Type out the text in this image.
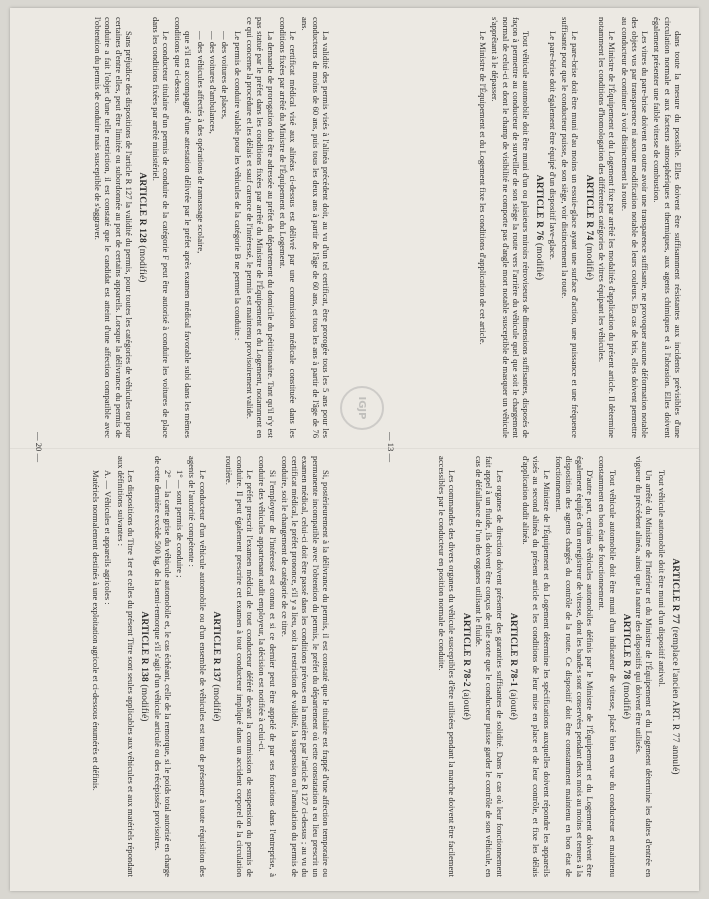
La validité des permis visés à l'alinéa précédent doit, au vu d'un tel certificat, être prorogée tous les 5 ans pour les conducteurs de moins de 60 ans, puis tous les deux ans à partir de l'âge de 60 ans, et tous les ans à partir de l'âge de 76 ans.

Le certificat médical visé aux alinéas ci-dessus est délivré par une commission médicale constituée dans les conditions fixées par arrêté du Ministre de l'Équipement et du Logement.

La demande de prorogation doit être adressée au préfet du département du domicile du pétitionnaire. Tant qu'il n'y est pas statué par le préfet dans les conditions fixées par arrêté du Ministre de l'Équipement et du Logement, notamment en ce qui concerne la procédure et les délais et sauf carence de l'intéressé, le permis est maintenu provisoirement valide.

Le permis de conduire valable pour les véhicules de la catégorie B ne permet la conduite :

— des voitures de places,

— des voitures d'ambulances,

— des véhicules affectés à des opérations de ramassage scolaire,

que s'il est accompagné d'une attestation délivrée par le préfet après examen médical favorable subi dans les mêmes conditions que ci-dessus.

Le conducteur titulaire d'un permis de conduire de la catégorie F peut être autorisé à conduire les voitures de place dans les conditions fixées par arrêté ministériel.

ARTICLE R 128 (modifié)

Sans préjudice des dispositions de l'article R 127 la validité du permis, pour toutes les catégories de véhicules ou pour certaines d'entre elles, peut être limitée ou subordonnée au port de certains appareils. Lorsque la délivrance du permis de conduire a fait l'objet d'une telle restriction, il est constaté que le candidat est atteint d'une affection compatible avec l'obtention du permis de conduire mais susceptible de s'aggraver.

Si, postérieurement à la délivrance du permis, il est constaté que le titulaire est frappé d'une affection temporaire ou permanente incompatible avec l'obtention du permis, le préfet du département où cette constatation a eu lieu prescrit un examen médical, celui-ci doit être passé dans les conditions prévues en la matière par l'article R 127 ci-dessus ; au vu du certificat médical, le préfet prononce, s'il y a lieu, soit la restriction de validité, la suspension ou l'annulation du permis de conduire, soit le changement de catégorie de ce titre.

Si l'employeur de l'intéressé est connu et si ce dernier peut être appelé de par ses fonctions dans l'entreprise, à conduire des véhicules appartenant audit employeur, la décision est notifiée à celui-ci.

Le préfet prescrit l'examen médical de tout conducteur déféré devant la commission de suspension du permis de conduire. Il peut également prescrire cet examen à tout conducteur impliqué dans un accident corporel de la circulation routière.

ARTICLE R 137 (modifié)

Le conducteur d'un véhicule automobile ou d'un ensemble de véhicules est tenu de présenter à toute réquisition des agents de l'autorité compétente :

1° — sont permis de conduire ;

2° — la carte grise du véhicule automobile et, le cas échéant, celle de la remorque, si le poids total autorisé en charge de cette dernière excède 500 kg, de la semi-remorque s'il s'agit d'un véhicule articulé ou des récépissés provisoires.

ARTICLE R 138 (modifié)

Les dispositions du Titre 1er et celles du présent Titre sont seules applicables aux véhicules et aux matériels répondant aux définitions suivantes :

A. — Véhicules et appareils agricoles :

Matériels normalement destinés à une exploitation agricole et ci-dessous énumérés et définis.

— 20 —

dans toute la mesure du possible. Elles doivent être suffisamment résistantes aux incidents prévisibles d'une circulation normale et aux facteurs atmosphériques et thermiques, aux agents chimiques et à l'abrasion. Elles doivent également présenter une faible vitesse de combustion.

Les vitres du pare-brise doivent en outre avoir une transparence suffisante, ne provoquer aucune déformation notable des objets vus par transparence ni aucune modification notable de leurs couleurs. En cas de bris, elles doivent permettre au conducteur de continuer à voir distinctement la route.

Le Ministre de l'Équipement et du Logement fixe par arrêté les modalités d'application du présent article. Il détermine notamment les conditions d'homologation des différentes catégories de vitres équipant les véhicules.

ARTICLE R 74 (modifié)

Le pare-brise doit être muni d'au moins un essuie-glace ayant une surface d'action, une puissance et une fréquence suffisante pour que le conducteur puisse, de son siège, voir distinctement la route.

Le pare-brise doit également être équipé d'un dispositif lave-glace.

ARTICLE R 76 (modifié)

Tout véhicule automobile doit être muni d'un ou plusieurs miroirs rétroviseurs de dimensions suffisantes, disposés de façon à permettre au conducteur de surveiller de son siège la route vers l'arrière du véhicule quel que soit le chargement normal de celui-ci et dont le champ de visibilité ne comporte pas d'angle mort notable susceptible de masquer un véhicule s'apprêtant à le dépasser.

Le Ministre de l'Équipement et du Logement fixe les conditions d'application de cet article.

ARTICLE R 77 (remplace l'ancien ART. R 77 annulé)

Tout véhicule automobile doit être muni d'un dispositif antivol.

Un arrêté du Ministre de l'Intérieur et du Ministre de l'Équipement et du Logement détermine les dates d'entrée en vigueur du précédent alinéa, ainsi que la nature des dispositifs qui doivent être utilisés.

ARTICLE R 78 (modifié)

Tout véhicule automobile doit être muni d'un indicateur de vitesse, placé bien en vue du conducteur et maintenu constamment en bon état de fonctionnement.

D'autre part, certains véhicules automobiles définis par le Ministre de l'Équipement et du Logement doivent être également équipés d'un enregistreur de vitesse, dont les bandes sont conservées pendant deux mois au moins et tenues à la disposition des agents chargés du contrôle de la route. Ce dispositif doit être constamment maintenu en bon état de fonctionnement.

Le Ministre de l'Équipement et du Logement détermine les spécifications auxquelles doivent répondre les appareils visés au second alinéa du présent article et les conditions de leur mise en place et de leur contrôle, et fixe les délais d'application dudit alinéa.

ARTICLE R 78-1 (ajouté)

Les organes de direction doivent présenter des garanties suffisantes de solidité. Dans le cas où leur fonctionnement fait appel à un fluide, ils doivent être conçus de telle sorte que le conducteur puisse garder le contrôle de son véhicule, en cas de défaillance de l'un des organes utilisant le fluide.

ARTICLE R 78-2 (ajouté)

Les commandes des divers organes du véhicule susceptibles d'être utilisées pendant la marche doivent être facilement accessibles par le conducteur en position normale de conduite.

— 13 —
IGJP
